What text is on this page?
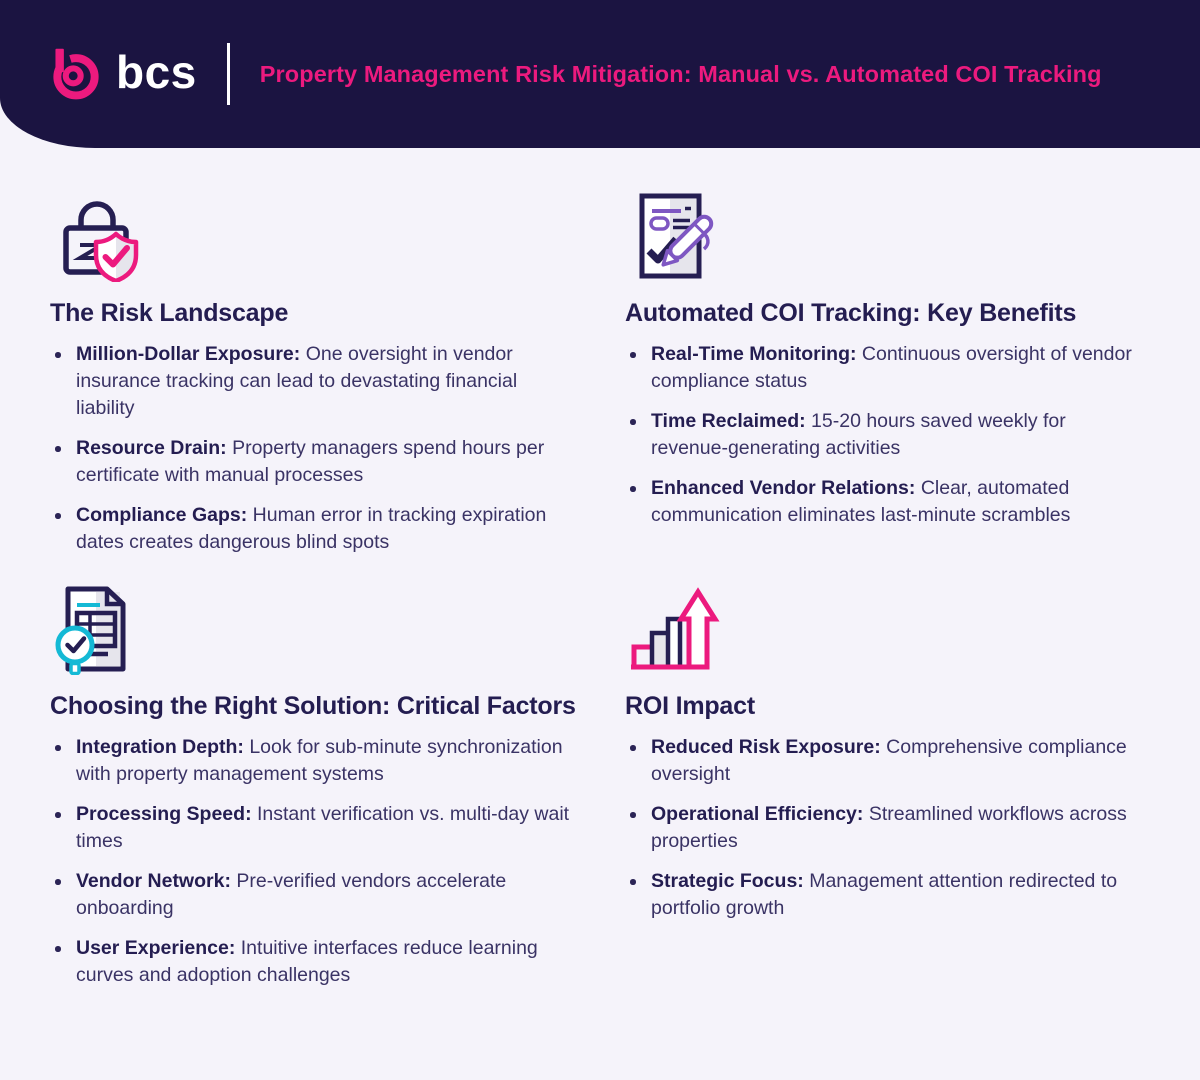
bcs	Property Management Risk Mitigation: Manual vs. Automated COI Tracking
The Risk Landscape
Million-Dollar Exposure: One oversight in vendor insurance tracking can lead to devastating financial liability
Resource Drain: Property managers spend hours per certificate with manual processes
Compliance Gaps: Human error in tracking expiration dates creates dangerous blind spots
Automated COI Tracking: Key Benefits
Real-Time Monitoring: Continuous oversight of vendor compliance status
Time Reclaimed: 15-20 hours saved weekly for revenue-generating activities
Enhanced Vendor Relations: Clear, automated communication eliminates last-minute scrambles
Choosing the Right Solution: Critical Factors
Integration Depth: Look for sub-minute synchronization with property management systems
Processing Speed: Instant verification vs. multi-day wait times
Vendor Network: Pre-verified vendors accelerate onboarding
User Experience: Intuitive interfaces reduce learning curves and adoption challenges
ROI Impact
Reduced Risk Exposure: Comprehensive compliance oversight
Operational Efficiency: Streamlined workflows across properties
Strategic Focus: Management attention redirected to portfolio growth
